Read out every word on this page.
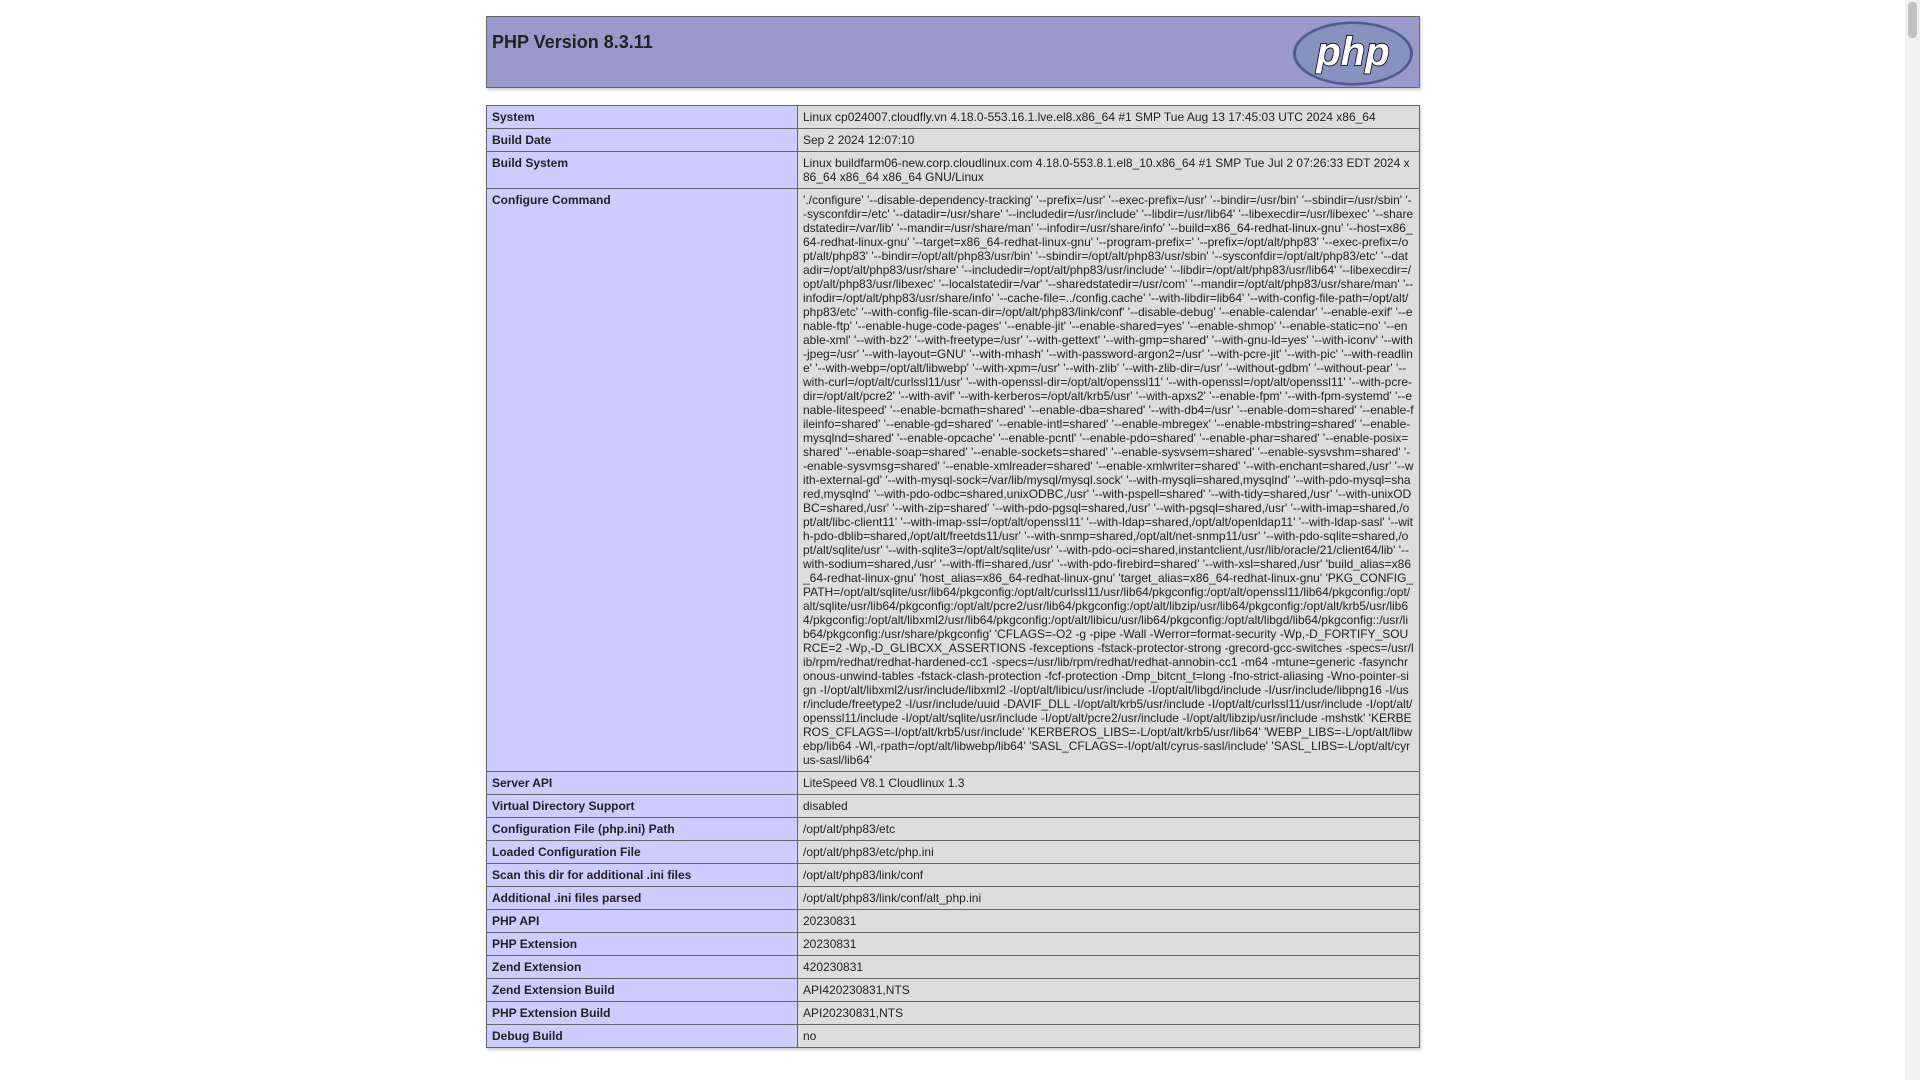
PHP Version 8.3.11	php
System	Linux cp024007.cloudfly.vn 4.18.0-553.16.1.lve.el8.x86_64 #1 SMP Tue Aug 13 17:45:03 UTC 2024 x86_64
Build Date	Sep 2 2024 12:07:10
Build System	Linux buildfarm06-new.corp.cloudlinux.com 4.18.0-553.8.1.el8_10.x86_64 #1 SMP Tue Jul 2 07:26:33 EDT 2024 x86_64 x86_64 x86_64 GNU/Linux
Configure Command	'./configure' '--disable-dependency-tracking' '--prefix=/usr' '--exec-prefix=/usr' '--bindir=/usr/bin' '--sbindir=/usr/sbin' '--sysconfdir=/etc' '--datadir=/usr/share' '--includedir=/usr/include' '--libdir=/usr/lib64' '--libexecdir=/usr/libexec' '--sharedstatedir=/var/lib' '--mandir=/usr/share/man' '--infodir=/usr/share/info' '--build=x86_64-redhat-linux-gnu' '--host=x86_64-redhat-linux-gnu' '--target=x86_64-redhat-linux-gnu' '--program-prefix=' '--prefix=/opt/alt/php83' '--exec-prefix=/opt/alt/php83' '--bindir=/opt/alt/php83/usr/bin' '--sbindir=/opt/alt/php83/usr/sbin' '--sysconfdir=/opt/alt/php83/etc' '--datadir=/opt/alt/php83/usr/share' '--includedir=/opt/alt/php83/usr/include' '--libdir=/opt/alt/php83/usr/lib64' '--libexecdir=/opt/alt/php83/usr/libexec' '--localstatedir=/var' '--sharedstatedir=/usr/com' '--mandir=/opt/alt/php83/usr/share/man' '--infodir=/opt/alt/php83/usr/share/info' '--cache-file=../config.cache' '--with-libdir=lib64' '--with-config-file-path=/opt/alt/php83/etc' '--with-config-file-scan-dir=/opt/alt/php83/link/conf' '--disable-debug' '--enable-calendar' '--enable-exif' '--enable-ftp' '--enable-huge-code-pages' '--enable-jit' '--enable-shared=yes' '--enable-shmop' '--enable-static=no' '--enable-xml' '--with-bz2' '--with-freetype=/usr' '--with-gettext' '--with-gmp=shared' '--with-gnu-ld=yes' '--with-iconv' '--with-jpeg=/usr' '--with-layout=GNU' '--with-mhash' '--with-password-argon2=/usr' '--with-pcre-jit' '--with-pic' '--with-readline' '--with-webp=/opt/alt/libwebp' '--with-xpm=/usr' '--with-zlib' '--with-zlib-dir=/usr' '--without-gdbm' '--without-pear' '--with-curl=/opt/alt/curlssl11/usr' '--with-openssl-dir=/opt/alt/openssl11' '--with-openssl=/opt/alt/openssl11' '--with-pcre-dir=/opt/alt/pcre2' '--with-avif' '--with-kerberos=/opt/alt/krb5/usr' '--with-apxs2' '--enable-fpm' '--with-fpm-systemd' '--enable-litespeed' '--enable-bcmath=shared' '--enable-dba=shared' '--with-db4=/usr' '--enable-dom=shared' '--enable-fileinfo=shared' '--enable-gd=shared' '--enable-intl=shared' '--enable-mbregex' '--enable-mbstring=shared' '--enable-mysqlnd=shared' '--enable-opcache' '--enable-pcntl' '--enable-pdo=shared' '--enable-phar=shared' '--enable-posix=shared' '--enable-soap=shared' '--enable-sockets=shared' '--enable-sysvsem=shared' '--enable-sysvshm=shared' '--enable-sysvmsg=shared' '--enable-xmlreader=shared' '--enable-xmlwriter=shared' '--with-enchant=shared,/usr' '--with-external-gd' '--with-mysql-sock=/var/lib/mysql/mysql.sock' '--with-mysqli=shared,mysqlnd' '--with-pdo-mysql=shared,mysqlnd' '--with-pdo-odbc=shared,unixODBC,/usr' '--with-pspell=shared' '--with-tidy=shared,/usr' '--with-unixODBC=shared,/usr' '--with-zip=shared' '--with-pdo-pgsql=shared,/usr' '--with-pgsql=shared,/usr' '--with-imap=shared,/opt/alt/libc-client11' '--with-imap-ssl=/opt/alt/openssl11' '--with-ldap=shared,/opt/alt/openldap11' '--with-ldap-sasl' '--with-pdo-dblib=shared,/opt/alt/freetds11/usr' '--with-snmp=shared,/opt/alt/net-snmp11/usr' '--with-pdo-sqlite=shared,/opt/alt/sqlite/usr' '--with-sqlite3=/opt/alt/sqlite/usr' '--with-pdo-oci=shared,instantclient,/usr/lib/oracle/21/client64/lib' '--with-sodium=shared,/usr' '--with-ffi=shared,/usr' '--with-pdo-firebird=shared' '--with-xsl=shared,/usr' 'build_alias=x86_64-redhat-linux-gnu' 'host_alias=x86_64-redhat-linux-gnu' 'target_alias=x86_64-redhat-linux-gnu' 'PKG_CONFIG_PATH=/opt/alt/sqlite/usr/lib64/pkgconfig:/opt/alt/curlssl11/usr/lib64/pkgconfig:/opt/alt/openssl11/lib64/pkgconfig:/opt/alt/sqlite/usr/lib64/pkgconfig:/opt/alt/pcre2/usr/lib64/pkgconfig:/opt/alt/libzip/usr/lib64/pkgconfig:/opt/alt/krb5/usr/lib64/pkgconfig:/opt/alt/libxml2/usr/lib64/pkgconfig:/opt/alt/libicu/usr/lib64/pkgconfig:/opt/alt/libgd/lib64/pkgconfig::/usr/lib64/pkgconfig:/usr/share/pkgconfig' 'CFLAGS=-O2 -g -pipe -Wall -Werror=format-security -Wp,-D_FORTIFY_SOURCE=2 -Wp,-D_GLIBCXX_ASSERTIONS -fexceptions -fstack-protector-strong -grecord-gcc-switches -specs=/usr/lib/rpm/redhat/redhat-hardened-cc1 -specs=/usr/lib/rpm/redhat/redhat-annobin-cc1 -m64 -mtune=generic -fasynchronous-unwind-tables -fstack-clash-protection -fcf-protection -Dmp_bitcnt_t=long -fno-strict-aliasing -Wno-pointer-sign -I/opt/alt/libxml2/usr/include/libxml2 -I/opt/alt/libicu/usr/include -I/opt/alt/libgd/include -I/usr/include/libpng16 -I/usr/include/freetype2 -I/usr/include/uuid -DAVIF_DLL -I/opt/alt/krb5/usr/include -I/opt/alt/curlssl11/usr/include -I/opt/alt/openssl11/include -I/opt/alt/sqlite/usr/include -I/opt/alt/pcre2/usr/include -I/opt/alt/libzip/usr/include -mshstk' 'KERBEROS_CFLAGS=-I/opt/alt/krb5/usr/include' 'KERBEROS_LIBS=-L/opt/alt/krb5/usr/lib64' 'WEBP_LIBS=-L/opt/alt/libwebp/lib64 -Wl,-rpath=/opt/alt/libwebp/lib64' 'SASL_CFLAGS=-I/opt/alt/cyrus-sasl/include' 'SASL_LIBS=-L/opt/alt/cyrus-sasl/lib64'
Server API	LiteSpeed V8.1 Cloudlinux 1.3
Virtual Directory Support	disabled
Configuration File (php.ini) Path	/opt/alt/php83/etc
Loaded Configuration File	/opt/alt/php83/etc/php.ini
Scan this dir for additional .ini files	/opt/alt/php83/link/conf
Additional .ini files parsed	/opt/alt/php83/link/conf/alt_php.ini
PHP API	20230831
PHP Extension	20230831
Zend Extension	420230831
Zend Extension Build	API420230831,NTS
PHP Extension Build	API20230831,NTS
Debug Build	no
